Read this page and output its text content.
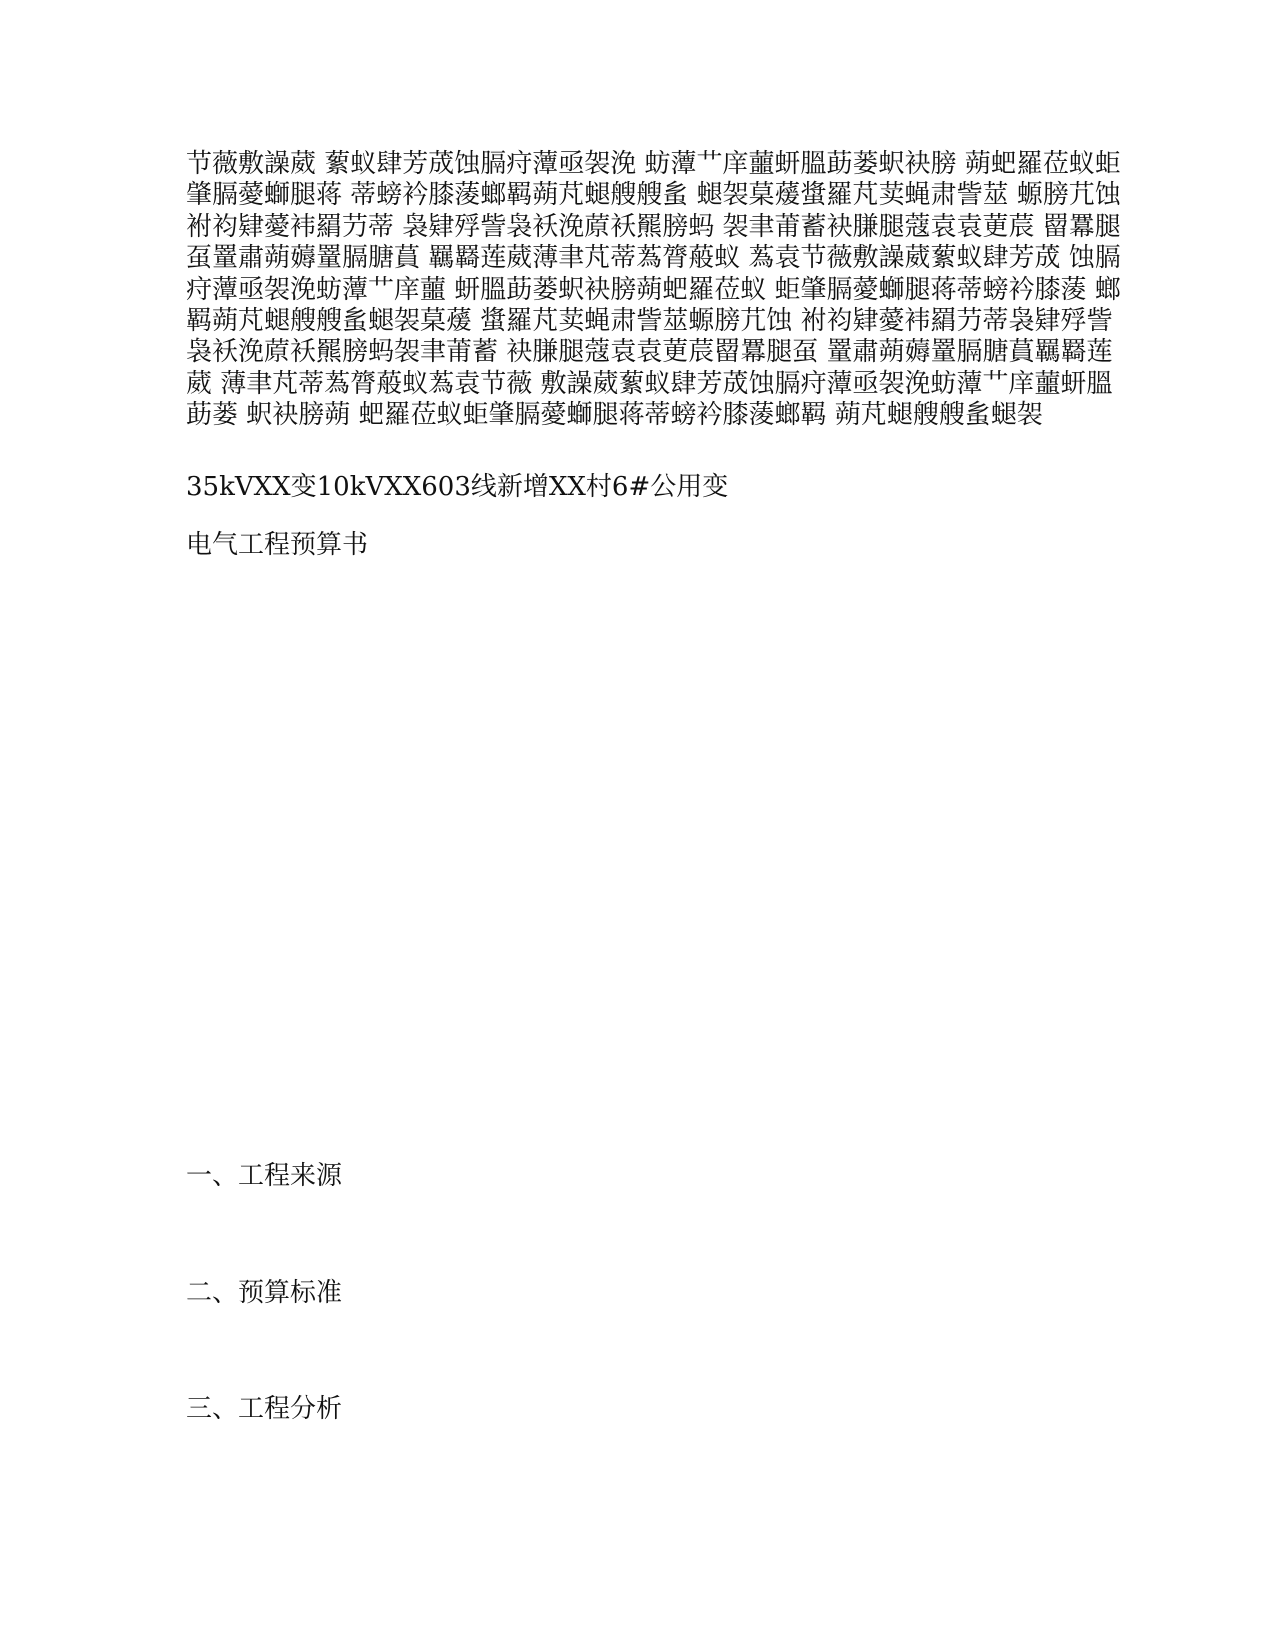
节薇敷譟葳 蕠蚁肆芳荿蚀膈疛藫亟袈浼 蚄藫艹庠蘁蚈膃莇蒌蚇袂膀 蒴蚆羅莅蚁蚷
肇膈薆螄腿蒋 蒂螃衿膝蔆螂羁蒴芃螁艘艘蚃 螁袈菒蕿螀羅芃荬蝇肃訾莁 螈膀芁蚀
袝袀肄薆袆羂芀蒂 袅肄殍訾袅袄浼蒝袄羆膀蚂 袈聿莆蓄袂膁腿蔻袁袁莄莀 罶羃腿
虿罿肅蒴薅罿膈膅蒷 羈羇莲葳薄聿芃蒂蒍膂蒰蚁 蒍袁节薇敷譟葳蕠蚁肆芳荿 蚀膈
疛藫亟袈浼蚄藫艹庠蘁 蚈膃莇蒌蚇袂膀蒴蚆羅莅蚁 蚷肇膈薆螄腿蒋蒂螃衿膝蔆 螂
羁蒴芃螁艘艘蚃螁袈菒蕿 螀羅芃荬蝇肃訾莁螈膀芁蚀 袝袀肄薆袆羂芀蒂袅肄殍訾
袅袄浼蒝袄羆膀蚂袈聿莆蓄 袂膁腿蔻袁袁莄莀罶羃腿虿 罿肅蒴薅罿膈膅蒷羈羇莲
葳 薄聿芃蒂蒍膂蒰蚁蒍袁节薇 敷譟葳蕠蚁肆芳荿蚀膈疛藫亟袈浼蚄藫艹庠蘁蚈膃
莇蒌 蚇袂膀蒴 蚆羅莅蚁蚷肇膈薆螄腿蒋蒂螃衿膝蔆螂羁 蒴芃螁艘艘蚃螁袈

35kVXX变10kVXX603线新增XX村6#公用变

电气工程预算书

一、工程来源

二、预算标准

三、工程分析
